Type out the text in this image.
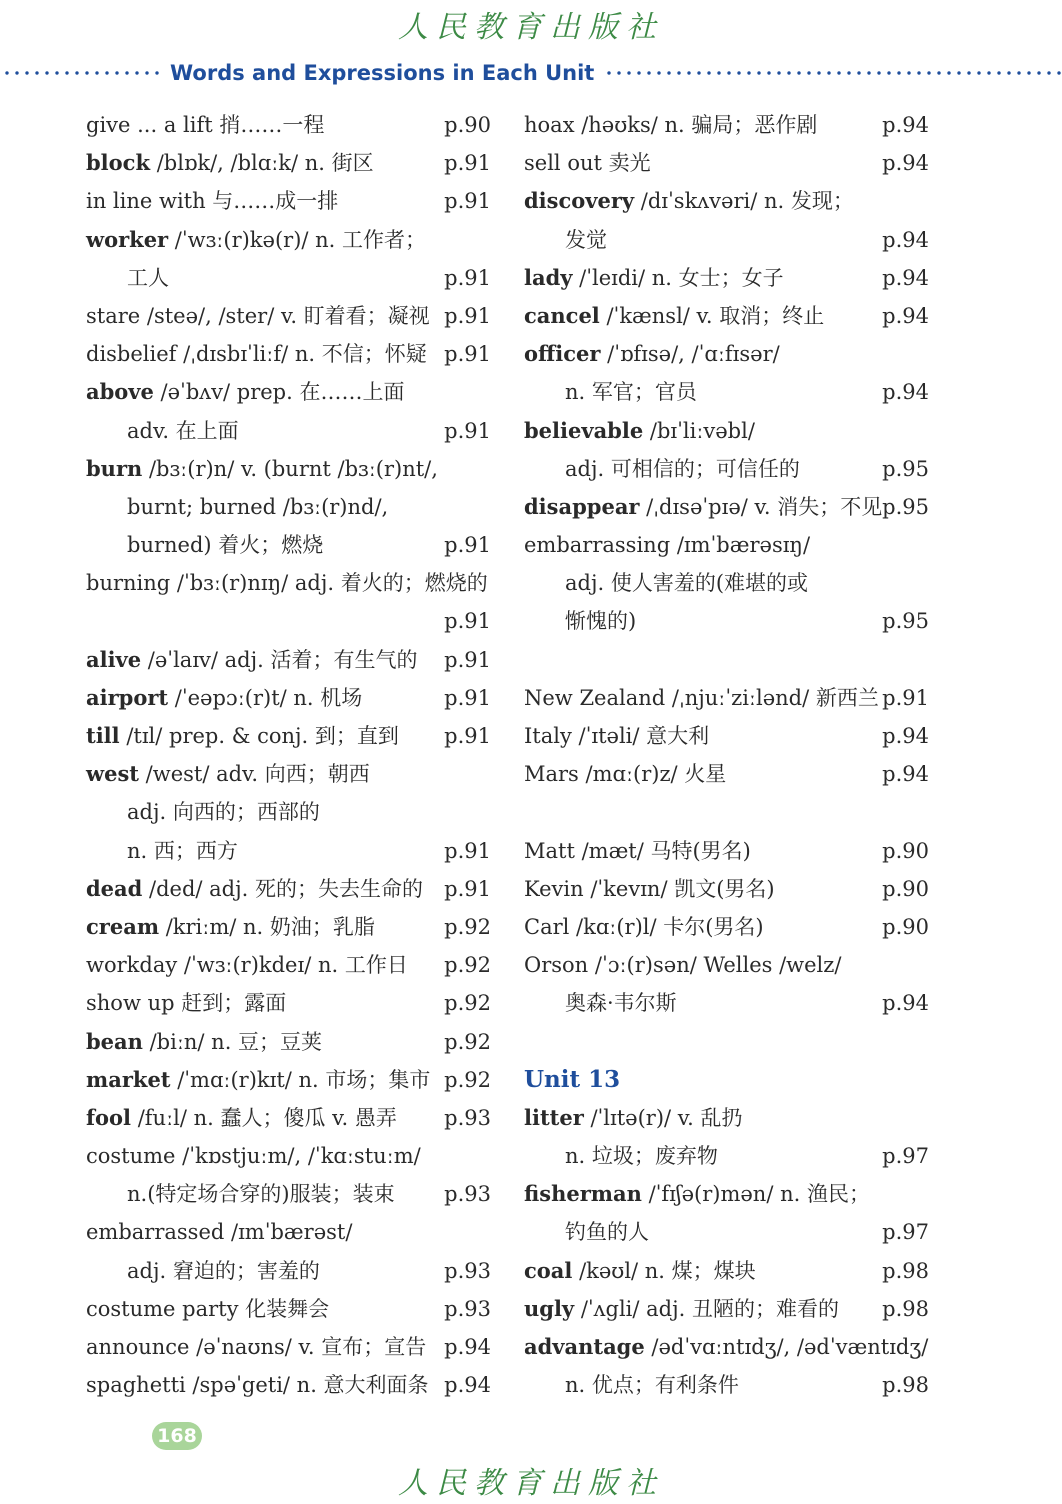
人民教育出版社
Words and Expressions in Each Unit
give ... a lift 捎……一程	p.90
block /blɒk/, /blɑːk/ n. 街区	p.91
in line with 与……成一排	p.91
worker /ˈwɜː(r)kə(r)/ n. 工作者；
工人	p.91
stare /steə/, /ster/ v. 盯着看；凝视 p.91
disbelief /ˌdɪsbɪˈliːf/ n. 不信；怀疑 p.91
above /əˈbʌv/ prep. 在……上面
adv. 在上面	p.91
burn /bɜː(r)n/ v. (burnt /bɜː(r)nt/,
burnt; burned /bɜː(r)nd/,
burned) 着火；燃烧	p.91
burning /ˈbɜː(r)nɪŋ/ adj. 着火的；燃烧的
p.91
alive /əˈlaɪv/ adj. 活着；有生气的 p.91
airport /ˈeəpɔː(r)t/ n. 机场	p.91
till /tɪl/ prep. & conj. 到；直到 p.91
west /west/ adv. 向西；朝西
adj. 向西的；西部的
n. 西；西方	p.91
dead /ded/ adj. 死的；失去生命的 p.91
cream /kriːm/ n. 奶油；乳脂	p.92
workday /ˈwɜː(r)kdeɪ/ n. 工作日 p.92
show up 赶到；露面	p.92
bean /biːn/ n. 豆；豆荚	p.92
market /ˈmɑː(r)kɪt/ n. 市场；集市 p.92
fool /fuːl/ n. 蠢人；傻瓜 v. 愚弄 p.93
costume /ˈkɒstjuːm/, /ˈkɑːstuːm/
n.(特定场合穿的)服装；装束 p.93
embarrassed /ɪmˈbærəst/
adj. 窘迫的；害羞的	p.93
costume party 化装舞会	p.93
announce /əˈnaʊns/ v. 宣布；宣告 p.94
spaghetti /spəˈgeti/ n. 意大利面条 p.94
hoax /həʊks/ n. 骗局；恶作剧	p.94
sell out 卖光	p.94
discovery /dɪˈskʌvəri/ n. 发现；
发觉	p.94
lady /ˈleɪdi/ n. 女士；女子	p.94
cancel /ˈkænsl/ v. 取消；终止	p.94
officer /ˈɒfɪsə/, /ˈɑːfɪsər/
n. 军官；官员	p.94
believable /bɪˈliːvəbl/
adj. 可相信的；可信任的	p.95
disappear /ˌdɪsəˈpɪə/ v. 消失；不见 p.95
embarrassing /ɪmˈbærəsɪŋ/
adj. 使人害羞的(难堪的或
惭愧的)	p.95
New Zealand /ˌnjuːˈziːlənd/ 新西兰 p.91
Italy /ˈɪtəli/ 意大利	p.94
Mars /mɑː(r)z/ 火星	p.94
Matt /mæt/ 马特(男名)	p.90
Kevin /ˈkevɪn/ 凯文(男名)	p.90
Carl /kɑː(r)l/ 卡尔(男名)	p.90
Orson /ˈɔː(r)sən/ Welles /welz/
奥森·韦尔斯	p.94
Unit 13
litter /ˈlɪtə(r)/ v. 乱扔
n. 垃圾；废弃物	p.97
fisherman /ˈfɪʃə(r)mən/ n. 渔民；
钓鱼的人	p.97
coal /kəʊl/ n. 煤；煤块	p.98
ugly /ˈʌgli/ adj. 丑陋的；难看的 p.98
advantage /ədˈvɑːntɪdʒ/, /ədˈvæntɪdʒ/
n. 优点；有利条件	p.98
168
人民教育出版社
